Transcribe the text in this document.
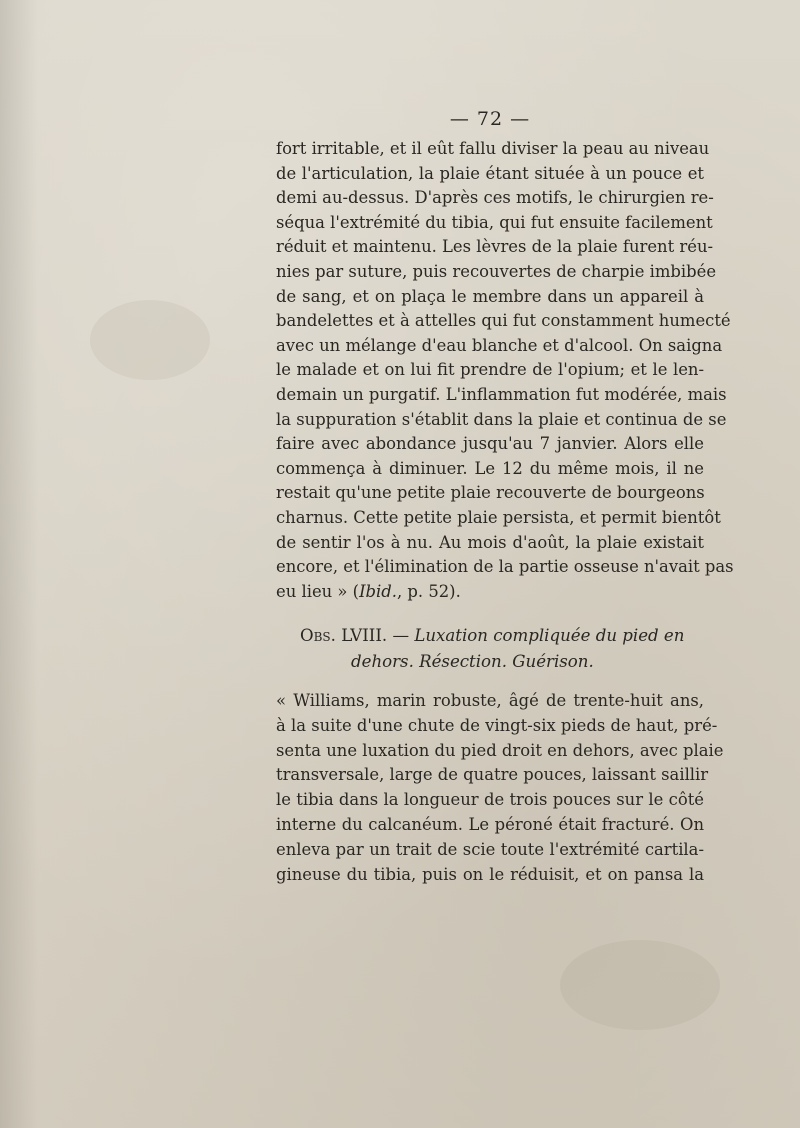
— 72 —
fort irritable, et il eût fallu diviser la peau au niveau
de l'articulation, la plaie étant située à un pouce et
demi au-dessus. D'après ces motifs, le chirurgien re-
séqua l'extrémité du tibia, qui fut ensuite facilement
réduit et maintenu. Les lèvres de la plaie furent réu-
nies par suture, puis recouvertes de charpie imbibée
de sang, et on plaça le membre dans un appareil à
bandelettes et à attelles qui fut constamment humecté
avec un mélange d'eau blanche et d'alcool. On saigna
le malade et on lui fit prendre de l'opium; et le len-
demain un purgatif. L'inflammation fut modérée, mais
la suppuration s'établit dans la plaie et continua de se
faire avec abondance jusqu'au 7 janvier. Alors elle
commença à diminuer. Le 12 du même mois, il ne
restait qu'une petite plaie recouverte de bourgeons
charnus. Cette petite plaie persista, et permit bientôt
de sentir l'os à nu. Au mois d'août, la plaie existait
encore, et l'élimination de la partie osseuse n'avait pas
eu lieu » (Ibid., p. 52).
Obs. LVIII. — Luxation compliquée du pied en
dehors. Résection. Guérison.
« Williams, marin robuste, âgé de trente-huit ans,
à la suite d'une chute de vingt-six pieds de haut, pré-
senta une luxation du pied droit en dehors, avec plaie
transversale, large de quatre pouces, laissant saillir
le tibia dans la longueur de trois pouces sur le côté
interne du calcanéum. Le péroné était fracturé. On
enleva par un trait de scie toute l'extrémité cartila-
gineuse du tibia, puis on le réduisit, et on pansa la
